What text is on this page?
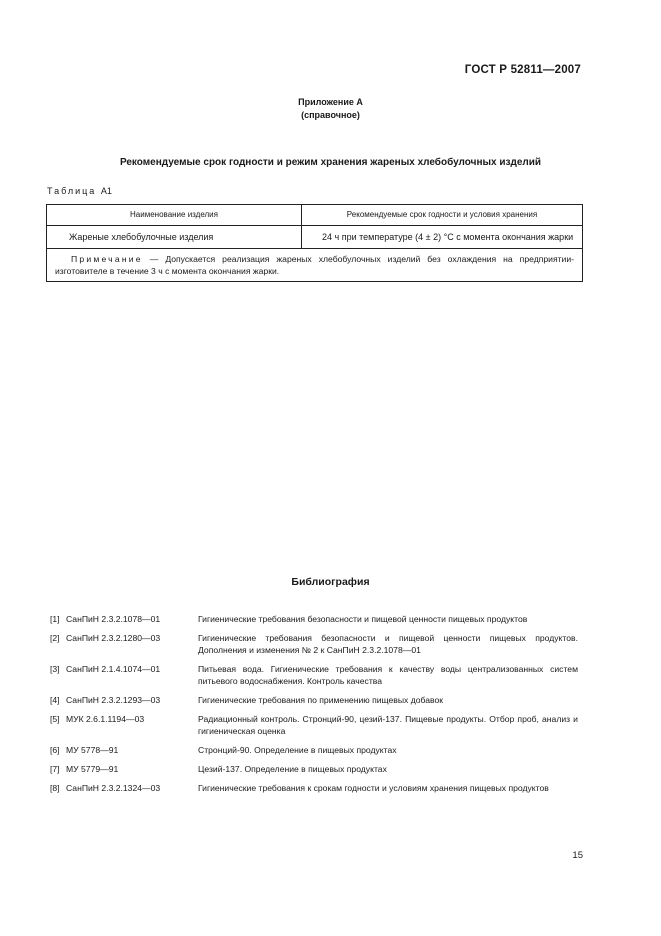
ГОСТ Р 52811—2007
Приложение А
(справочное)
Рекомендуемые срок годности и режим хранения жареных хлебобулочных изделий
Таблица А1
Наименование изделия	Рекомендуемые срок годности и условия хранения
Жареные хлебобулочные изделия	24 ч при температуре (4 ± 2) °С с момента окончания жарки
Примечание — Допускается реализация жареных хлебобулочных изделий без охлаждения на предприятии-изготовителе в течение 3 ч с момента окончания жарки.	
Библиография
[1] СанПиН 2.3.2.1078—01	Гигиенические требования безопасности и пищевой ценности пищевых продуктов
[2] СанПиН 2.3.2.1280—03	Гигиенические требования безопасности и пищевой ценности пищевых продуктов. Дополнения и изменения № 2 к СанПиН 2.3.2.1078—01
[3] СанПиН 2.1.4.1074—01	Питьевая вода. Гигиенические требования к качеству воды централизованных систем питьевого водоснабжения. Контроль качества
[4] СанПиН 2.3.2.1293—03	Гигиенические требования по применению пищевых добавок
[5] МУК 2.6.1.1194—03	Радиационный контроль. Стронций-90, цезий-137. Пищевые продукты. Отбор проб, анализ и гигиеническая оценка
[6] МУ 5778—91	Стронций-90. Определение в пищевых продуктах
[7] МУ 5779—91	Цезий-137. Определение в пищевых продуктах
[8] СанПиН 2.3.2.1324—03	Гигиенические требования к срокам годности и условиям хранения пищевых продуктов
15
